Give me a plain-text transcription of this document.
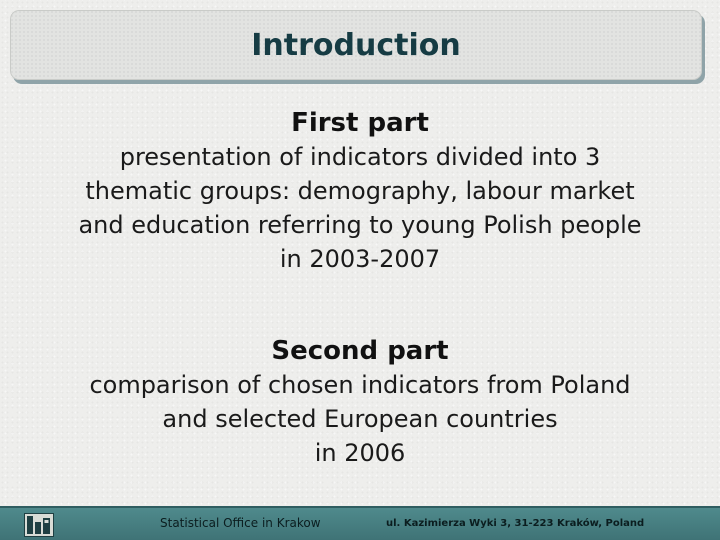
Introduction
First part
presentation of indicators divided into 3
thematic groups: demography, labour market
and education referring to young Polish people
in 2003-2007
Second part
comparison of chosen indicators from Poland
and selected European countries
in 2006
Statistical Office in Krakow	ul. Kazimierza Wyki 3, 31-223 Kraków, Poland
